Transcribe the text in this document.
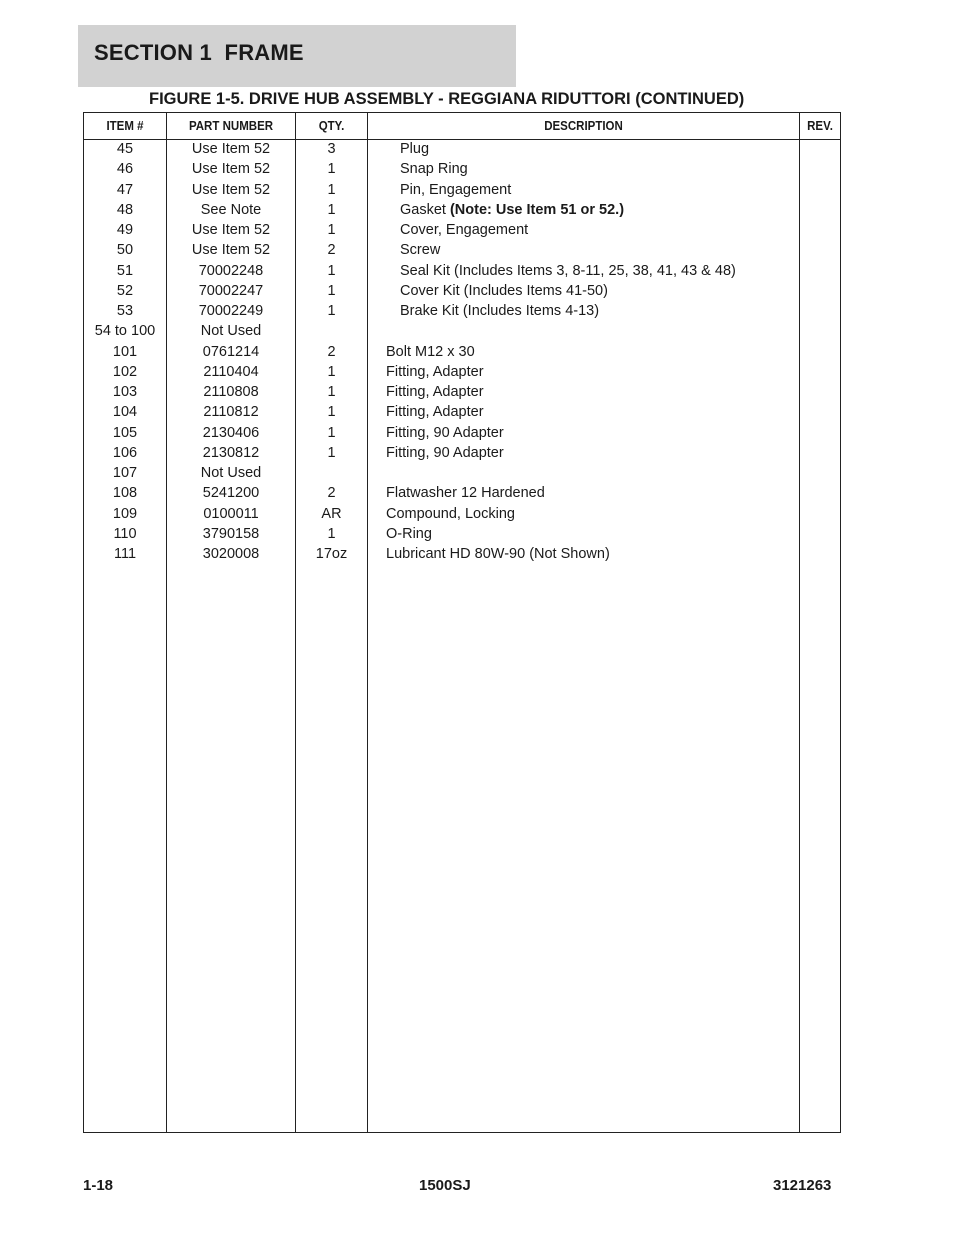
SECTION 1  FRAME
FIGURE 1-5. DRIVE HUB ASSEMBLY - REGGIANA RIDUTTORI (CONTINUED)
ITEM #	PART NUMBER	QTY.	DESCRIPTION	REV.
45	Use Item 52	3	Plug
46	Use Item 52	1	Snap Ring
47	Use Item 52	1	Pin, Engagement
48	See Note	1	Gasket (Note: Use Item 51 or 52.)
49	Use Item 52	1	Cover, Engagement
50	Use Item 52	2	Screw
51	70002248	1	Seal Kit (Includes Items 3, 8-11, 25, 38, 41, 43 & 48)
52	70002247	1	Cover Kit (Includes Items 41-50)
53	70002249	1	Brake Kit (Includes Items 4-13)
54 to 100	Not Used
101	0761214	2	Bolt M12 x 30
102	2110404	1	Fitting, Adapter
103	2110808	1	Fitting, Adapter
104	2110812	1	Fitting, Adapter
105	2130406	1	Fitting, 90 Adapter
106	2130812	1	Fitting, 90 Adapter
107	Not Used
108	5241200	2	Flatwasher 12 Hardened
109	0100011	AR	Compound, Locking
110	3790158	1	O-Ring
111	3020008	17oz	Lubricant HD 80W-90 (Not Shown)
1-18	1500SJ	3121263
